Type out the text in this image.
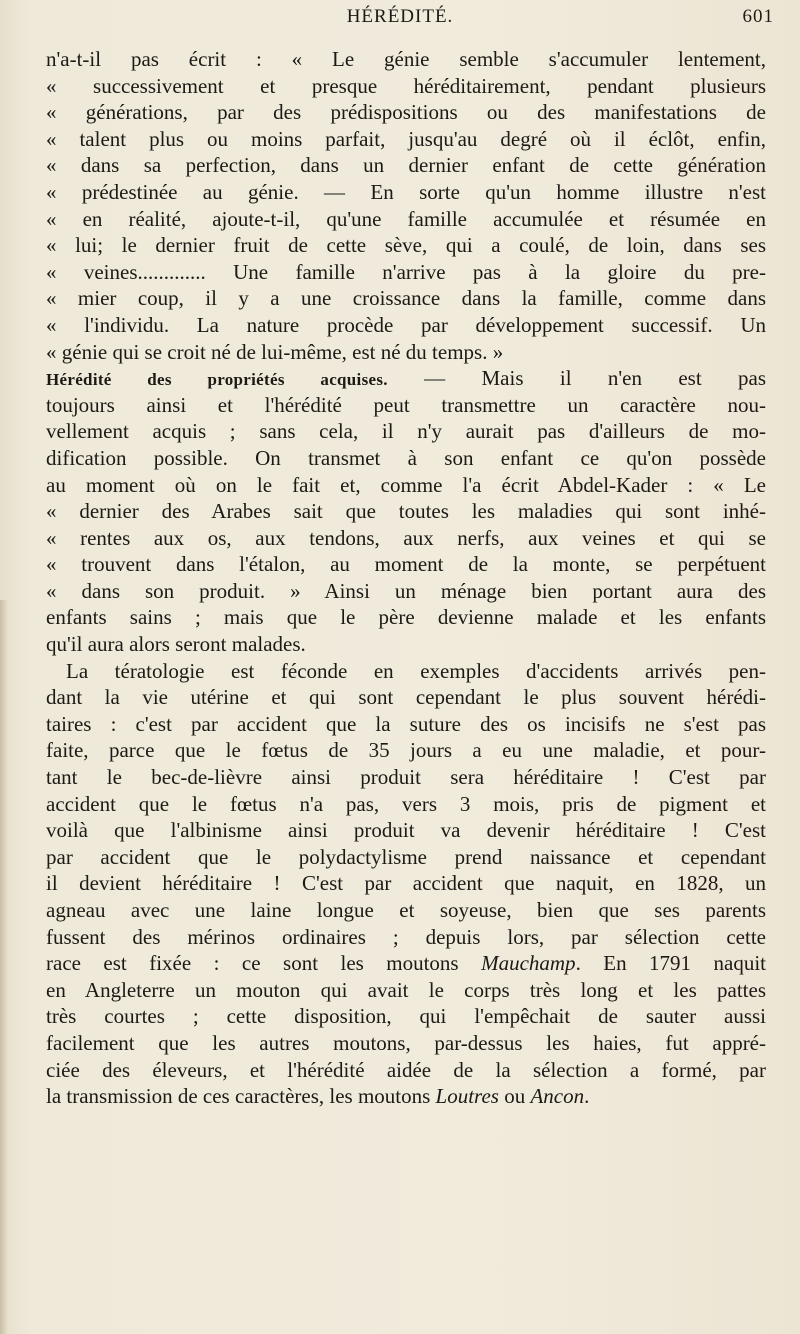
HÉRÉDITÉ.	601
n'a-t-il pas écrit : « Le génie semble s'accumuler lentement,
« successivement et presque héréditairement, pendant plusieurs
« générations, par des prédispositions ou des manifestations de
« talent plus ou moins parfait, jusqu'au degré où il éclôt, enfin,
« dans sa perfection, dans un dernier enfant de cette génération
« prédestinée au génie. — En sorte qu'un homme illustre n'est
« en réalité, ajoute-t-il, qu'une famille accumulée et résumée en
« lui; le dernier fruit de cette sève, qui a coulé, de loin, dans ses
« veines............. Une famille n'arrive pas à la gloire du pre-
« mier coup, il y a une croissance dans la famille, comme dans
« l'individu. La nature procède par développement successif. Un
« génie qui se croit né de lui-même, est né du temps. »
Hérédité des propriétés acquises. — Mais il n'en est pas
toujours ainsi et l'hérédité peut transmettre un caractère nou-
vellement acquis ; sans cela, il n'y aurait pas d'ailleurs de mo-
dification possible. On transmet à son enfant ce qu'on possède
au moment où on le fait et, comme l'a écrit Abdel-Kader : « Le
« dernier des Arabes sait que toutes les maladies qui sont inhé-
« rentes aux os, aux tendons, aux nerfs, aux veines et qui se
« trouvent dans l'étalon, au moment de la monte, se perpétuent
« dans son produit. » Ainsi un ménage bien portant aura des
enfants sains ; mais que le père devienne malade et les enfants
qu'il aura alors seront malades.
La tératologie est féconde en exemples d'accidents arrivés pen-
dant la vie utérine et qui sont cependant le plus souvent hérédi-
taires : c'est par accident que la suture des os incisifs ne s'est pas
faite, parce que le fœtus de 35 jours a eu une maladie, et pour-
tant le bec-de-lièvre ainsi produit sera héréditaire ! C'est par
accident que le fœtus n'a pas, vers 3 mois, pris de pigment et
voilà que l'albinisme ainsi produit va devenir héréditaire ! C'est
par accident que le polydactylisme prend naissance et cependant
il devient héréditaire ! C'est par accident que naquit, en 1828, un
agneau avec une laine longue et soyeuse, bien que ses parents
fussent des mérinos ordinaires ; depuis lors, par sélection cette
race est fixée : ce sont les moutons Mauchamp. En 1791 naquit
en Angleterre un mouton qui avait le corps très long et les pattes
très courtes ; cette disposition, qui l'empêchait de sauter aussi
facilement que les autres moutons, par-dessus les haies, fut appré-
ciée des éleveurs, et l'hérédité aidée de la sélection a formé, par
la transmission de ces caractères, les moutons Loutres ou Ancon.
